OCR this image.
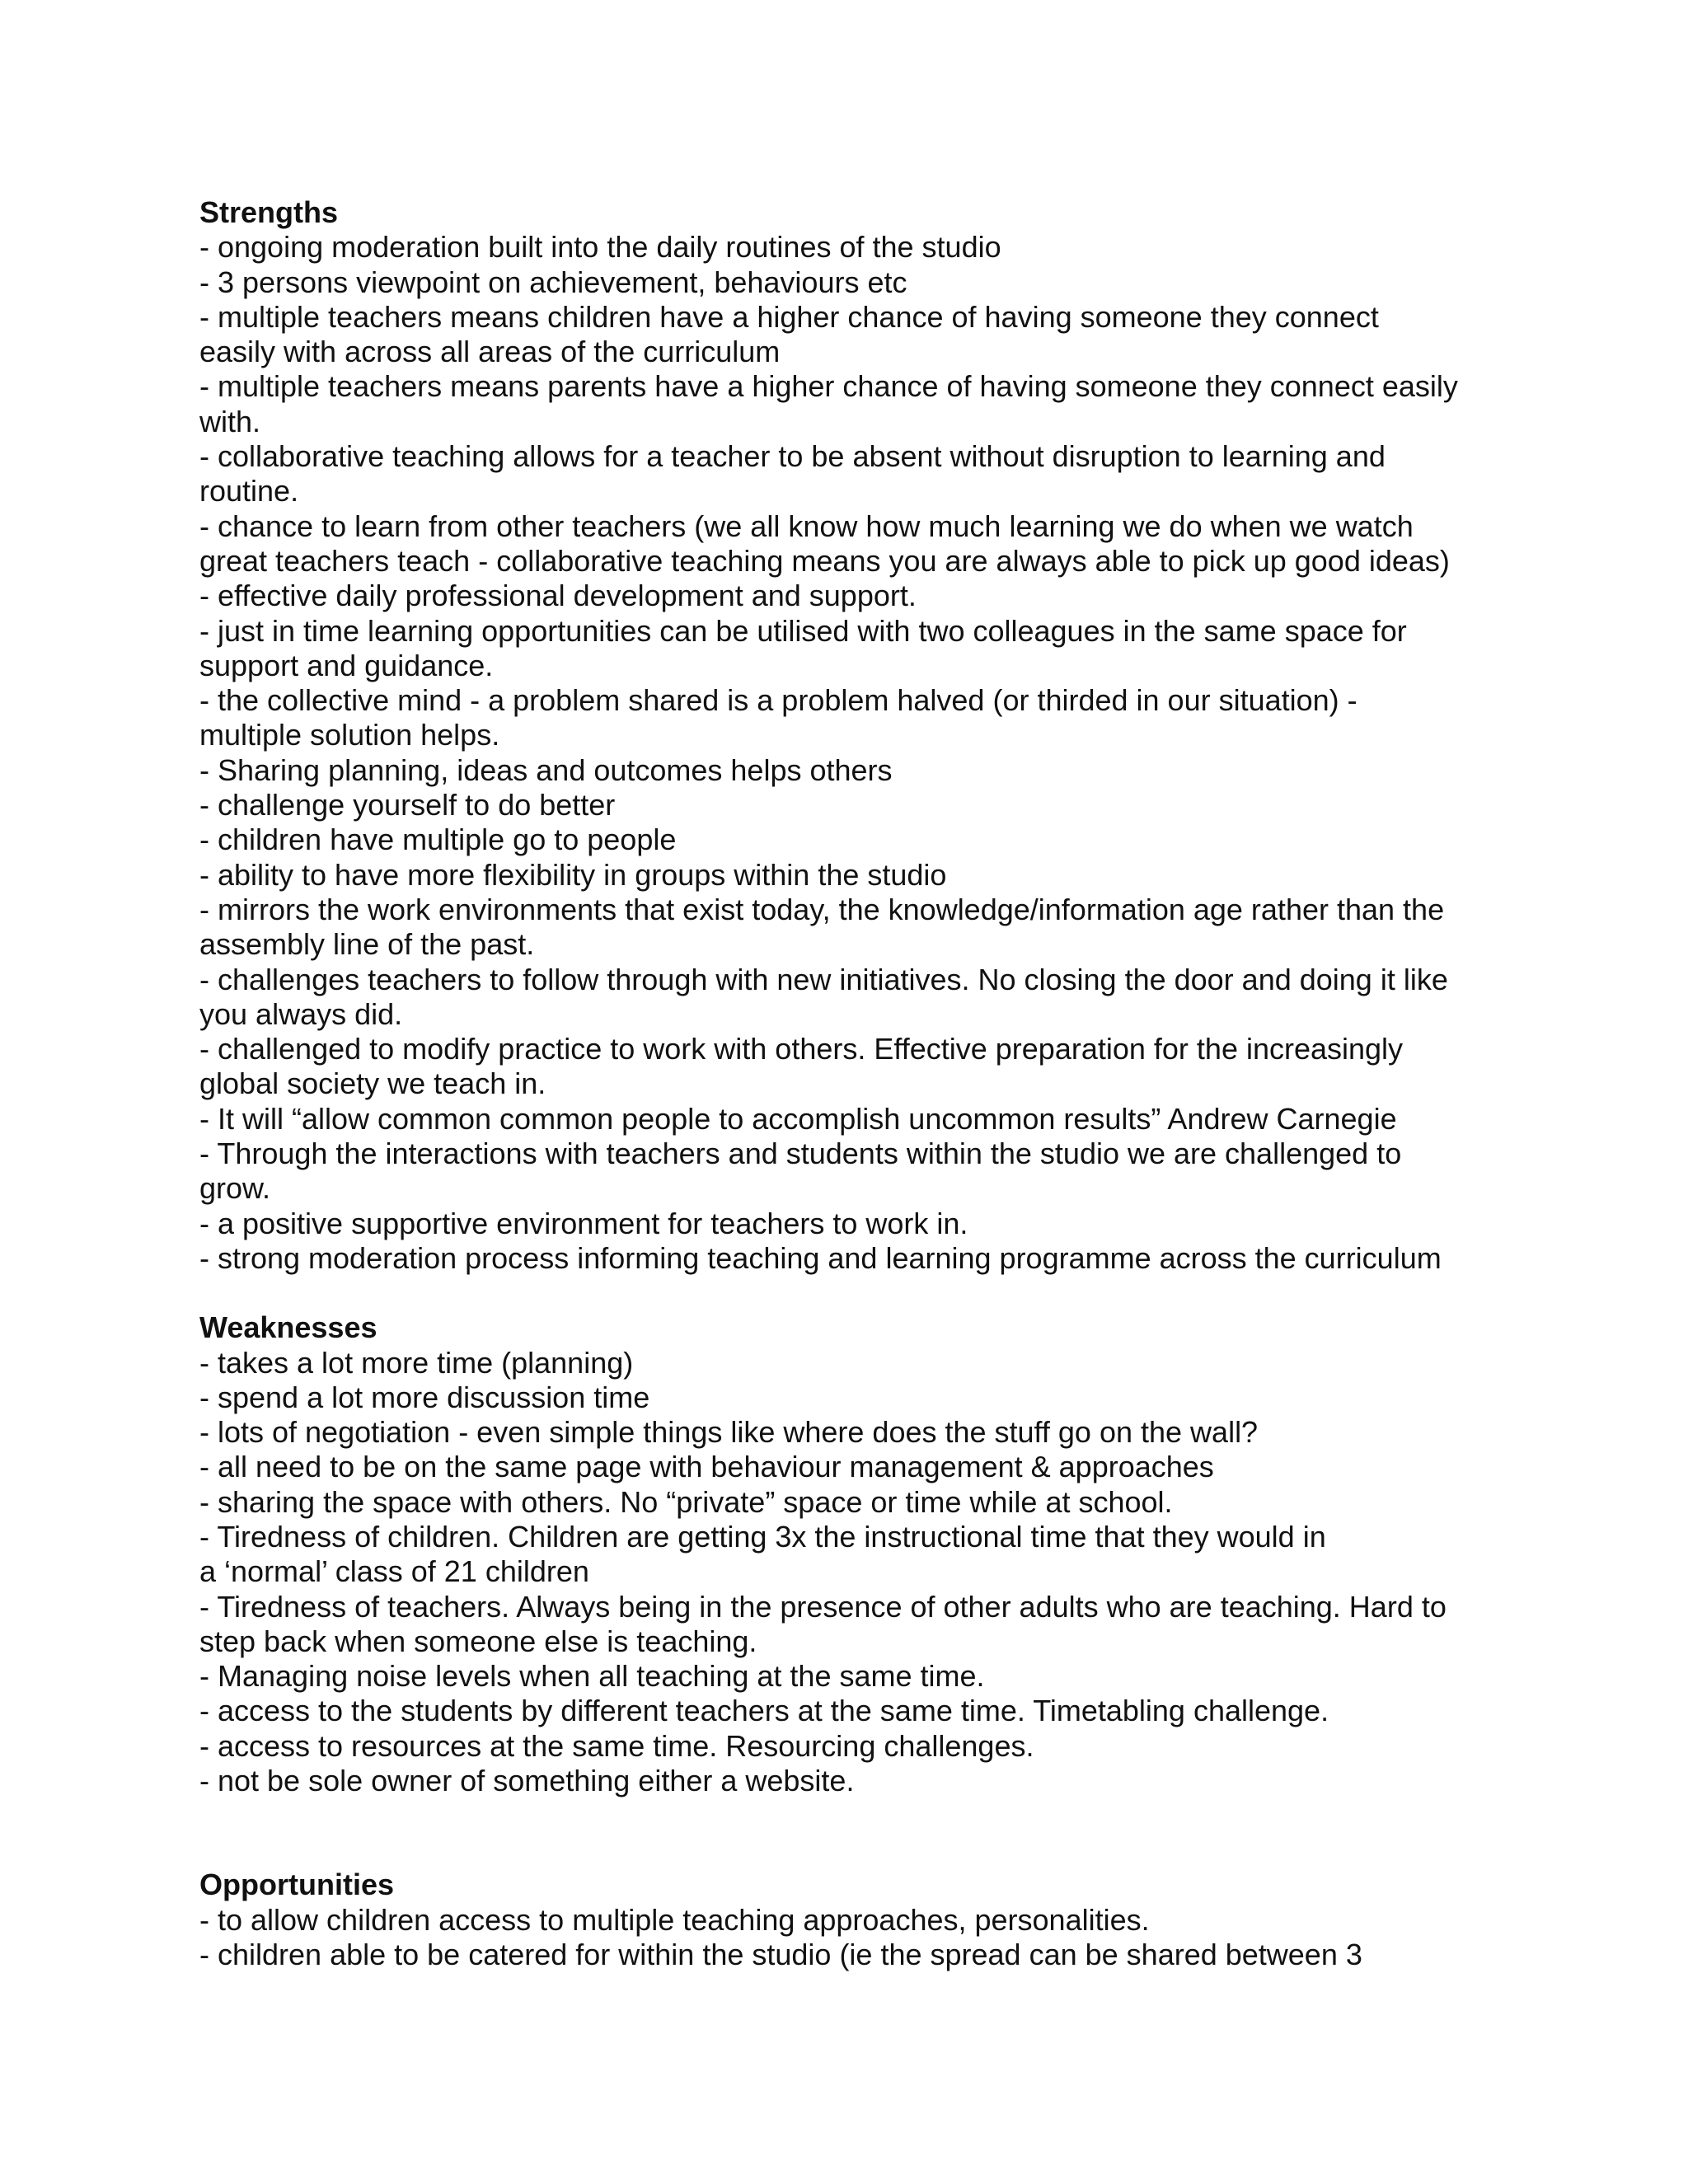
Strengths
- ongoing moderation built into the daily routines of the studio
- 3 persons viewpoint on achievement, behaviours etc
- multiple teachers means children have a higher chance of having someone they connect
easily with across all areas of the curriculum
- multiple teachers means parents have a higher chance of having someone they connect easily
with.
- collaborative teaching allows for a teacher to be absent without disruption to learning and
routine.
- chance to learn from other teachers (we all know how much learning we do when we watch
great teachers teach - collaborative teaching means you are always able to pick up good ideas)
- effective daily professional development and support.
- just in time learning opportunities can be utilised with two colleagues in the same space for
support and guidance.
- the collective mind - a problem shared is a problem halved (or thirded in our situation) -
multiple solution helps.
- Sharing planning, ideas and outcomes helps others
- challenge yourself to do better
- children have multiple go to people
- ability to have more flexibility in groups within the studio
- mirrors the work environments that exist today, the knowledge/information age rather than the
assembly line of the past.
- challenges teachers to follow through with new initiatives. No closing the door and doing it like
you always did.
- challenged to modify practice to work with others. Effective preparation for the increasingly
global society we teach in.
- It will “allow common common people to accomplish uncommon results” Andrew Carnegie
- Through the interactions with teachers and students within the studio we are challenged to
grow.
- a positive supportive environment for teachers to work in.
- strong moderation process informing teaching and learning programme across the curriculum
Weaknesses
- takes a lot more time (planning)
- spend a lot more discussion time
- lots of negotiation - even simple things like where does the stuff go on the wall?
- all need to be on the same page with behaviour management & approaches
- sharing the space with others. No “private” space or time while at school.
- Tiredness of children. Children are getting 3x the instructional time that they would in
a ‘normal’ class of 21 children
- Tiredness of teachers. Always being in the presence of other adults who are teaching. Hard to
step back when someone else is teaching.
- Managing noise levels when all teaching at the same time.
- access to the students by different teachers at the same time. Timetabling challenge.
- access to resources at the same time. Resourcing challenges.
- not be sole owner of something either a website.
Opportunities
- to allow children access to multiple teaching approaches, personalities.
- children able to be catered for within the studio (ie the spread can be shared between 3
